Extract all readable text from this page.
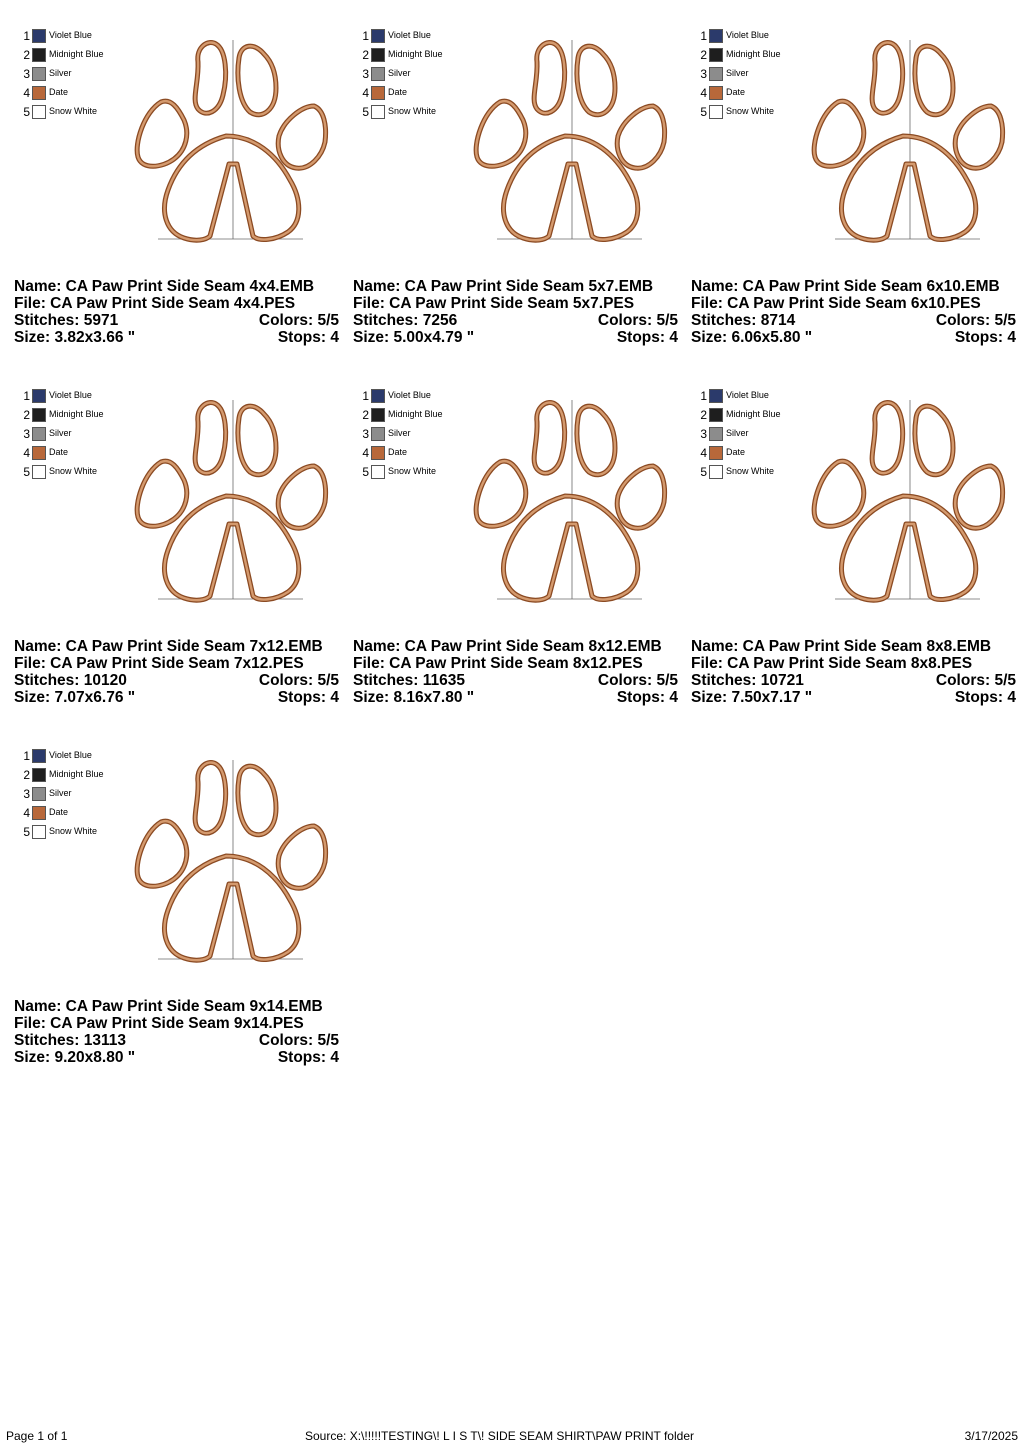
1 Violet Blue
2 Midnight Blue
3 Silver
4 Date
5 Snow White
Name: CA Paw Print Side Seam 4x4.EMB
File: CA Paw Print Side Seam 4x4.PES
Stitches: 5971	Colors: 5/5
Size: 3.82x3.66 "	Stops: 4
1 Violet Blue
2 Midnight Blue
3 Silver
4 Date
5 Snow White
Name: CA Paw Print Side Seam 5x7.EMB
File: CA Paw Print Side Seam 5x7.PES
Stitches: 7256	Colors: 5/5
Size: 5.00x4.79 "	Stops: 4
1 Violet Blue
2 Midnight Blue
3 Silver
4 Date
5 Snow White
Name: CA Paw Print Side Seam 6x10.EMB
File: CA Paw Print Side Seam 6x10.PES
Stitches: 8714	Colors: 5/5
Size: 6.06x5.80 "	Stops: 4
1 Violet Blue
2 Midnight Blue
3 Silver
4 Date
5 Snow White
Name: CA Paw Print Side Seam 7x12.EMB
File: CA Paw Print Side Seam 7x12.PES
Stitches: 10120	Colors: 5/5
Size: 7.07x6.76 "	Stops: 4
1 Violet Blue
2 Midnight Blue
3 Silver
4 Date
5 Snow White
Name: CA Paw Print Side Seam 8x12.EMB
File: CA Paw Print Side Seam 8x12.PES
Stitches: 11635	Colors: 5/5
Size: 8.16x7.80 "	Stops: 4
1 Violet Blue
2 Midnight Blue
3 Silver
4 Date
5 Snow White
Name: CA Paw Print Side Seam 8x8.EMB
File: CA Paw Print Side Seam 8x8.PES
Stitches: 10721	Colors: 5/5
Size: 7.50x7.17 "	Stops: 4
1 Violet Blue
2 Midnight Blue
3 Silver
4 Date
5 Snow White
Name: CA Paw Print Side Seam 9x14.EMB
File: CA Paw Print Side Seam 9x14.PES
Stitches: 13113	Colors: 5/5
Size: 9.20x8.80 "	Stops: 4
Page 1 of 1	Source: X:\!!!!!TESTING\! L I S T\! SIDE SEAM SHIRT\PAW PRINT folder	3/17/2025
